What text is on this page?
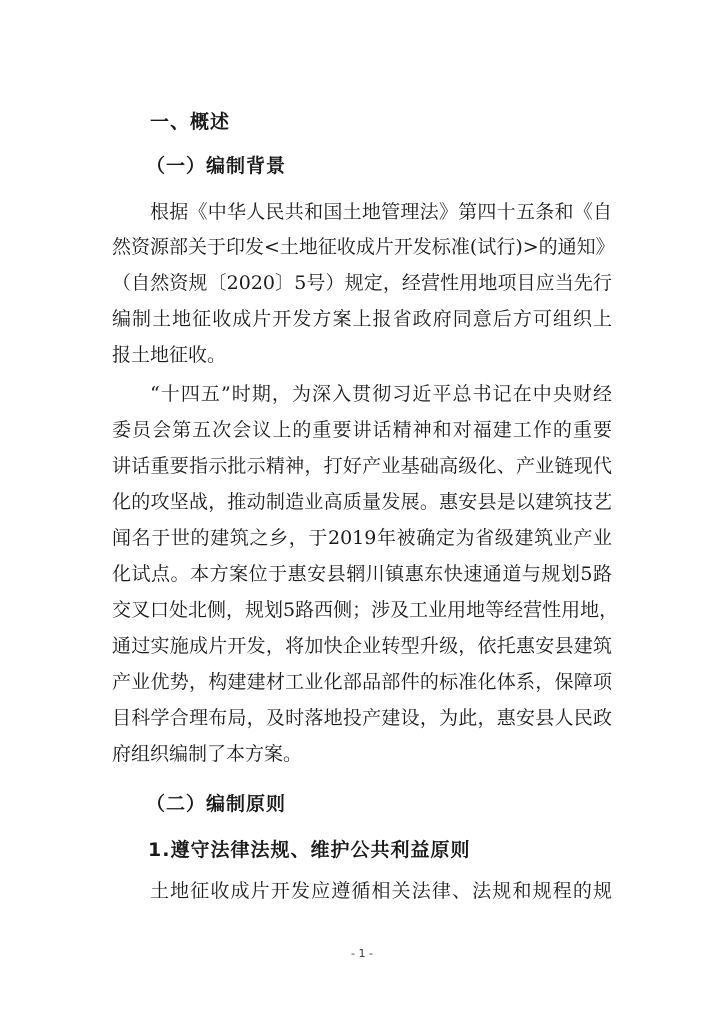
一、概述
（一）编制背景
根据《中华人民共和国土地管理法》第四十五条和《自
然资源部关于印发<土地征收成片开发标准(试行)>的通知》
（自然资规〔2020〕5号）规定，经营性用地项目应当先行
编制土地征收成片开发方案上报省政府同意后方可组织上
报土地征收。
“十四五”时期，为深入贯彻习近平总书记在中央财经
委员会第五次会议上的重要讲话精神和对福建工作的重要
讲话重要指示批示精神，打好产业基础高级化、产业链现代
化的攻坚战，推动制造业高质量发展。惠安县是以建筑技艺
闻名于世的建筑之乡，于2019年被确定为省级建筑业产业
化试点。本方案位于惠安县辋川镇惠东快速通道与规划5路
交叉口处北侧，规划5路西侧；涉及工业用地等经营性用地，
通过实施成片开发，将加快企业转型升级，依托惠安县建筑
产业优势，构建建材工业化部品部件的标准化体系，保障项
目科学合理布局，及时落地投产建设，为此，惠安县人民政
府组织编制了本方案。
（二）编制原则
1.遵守法律法规、维护公共利益原则
土地征收成片开发应遵循相关法律、法规和规程的规
- 1 -
